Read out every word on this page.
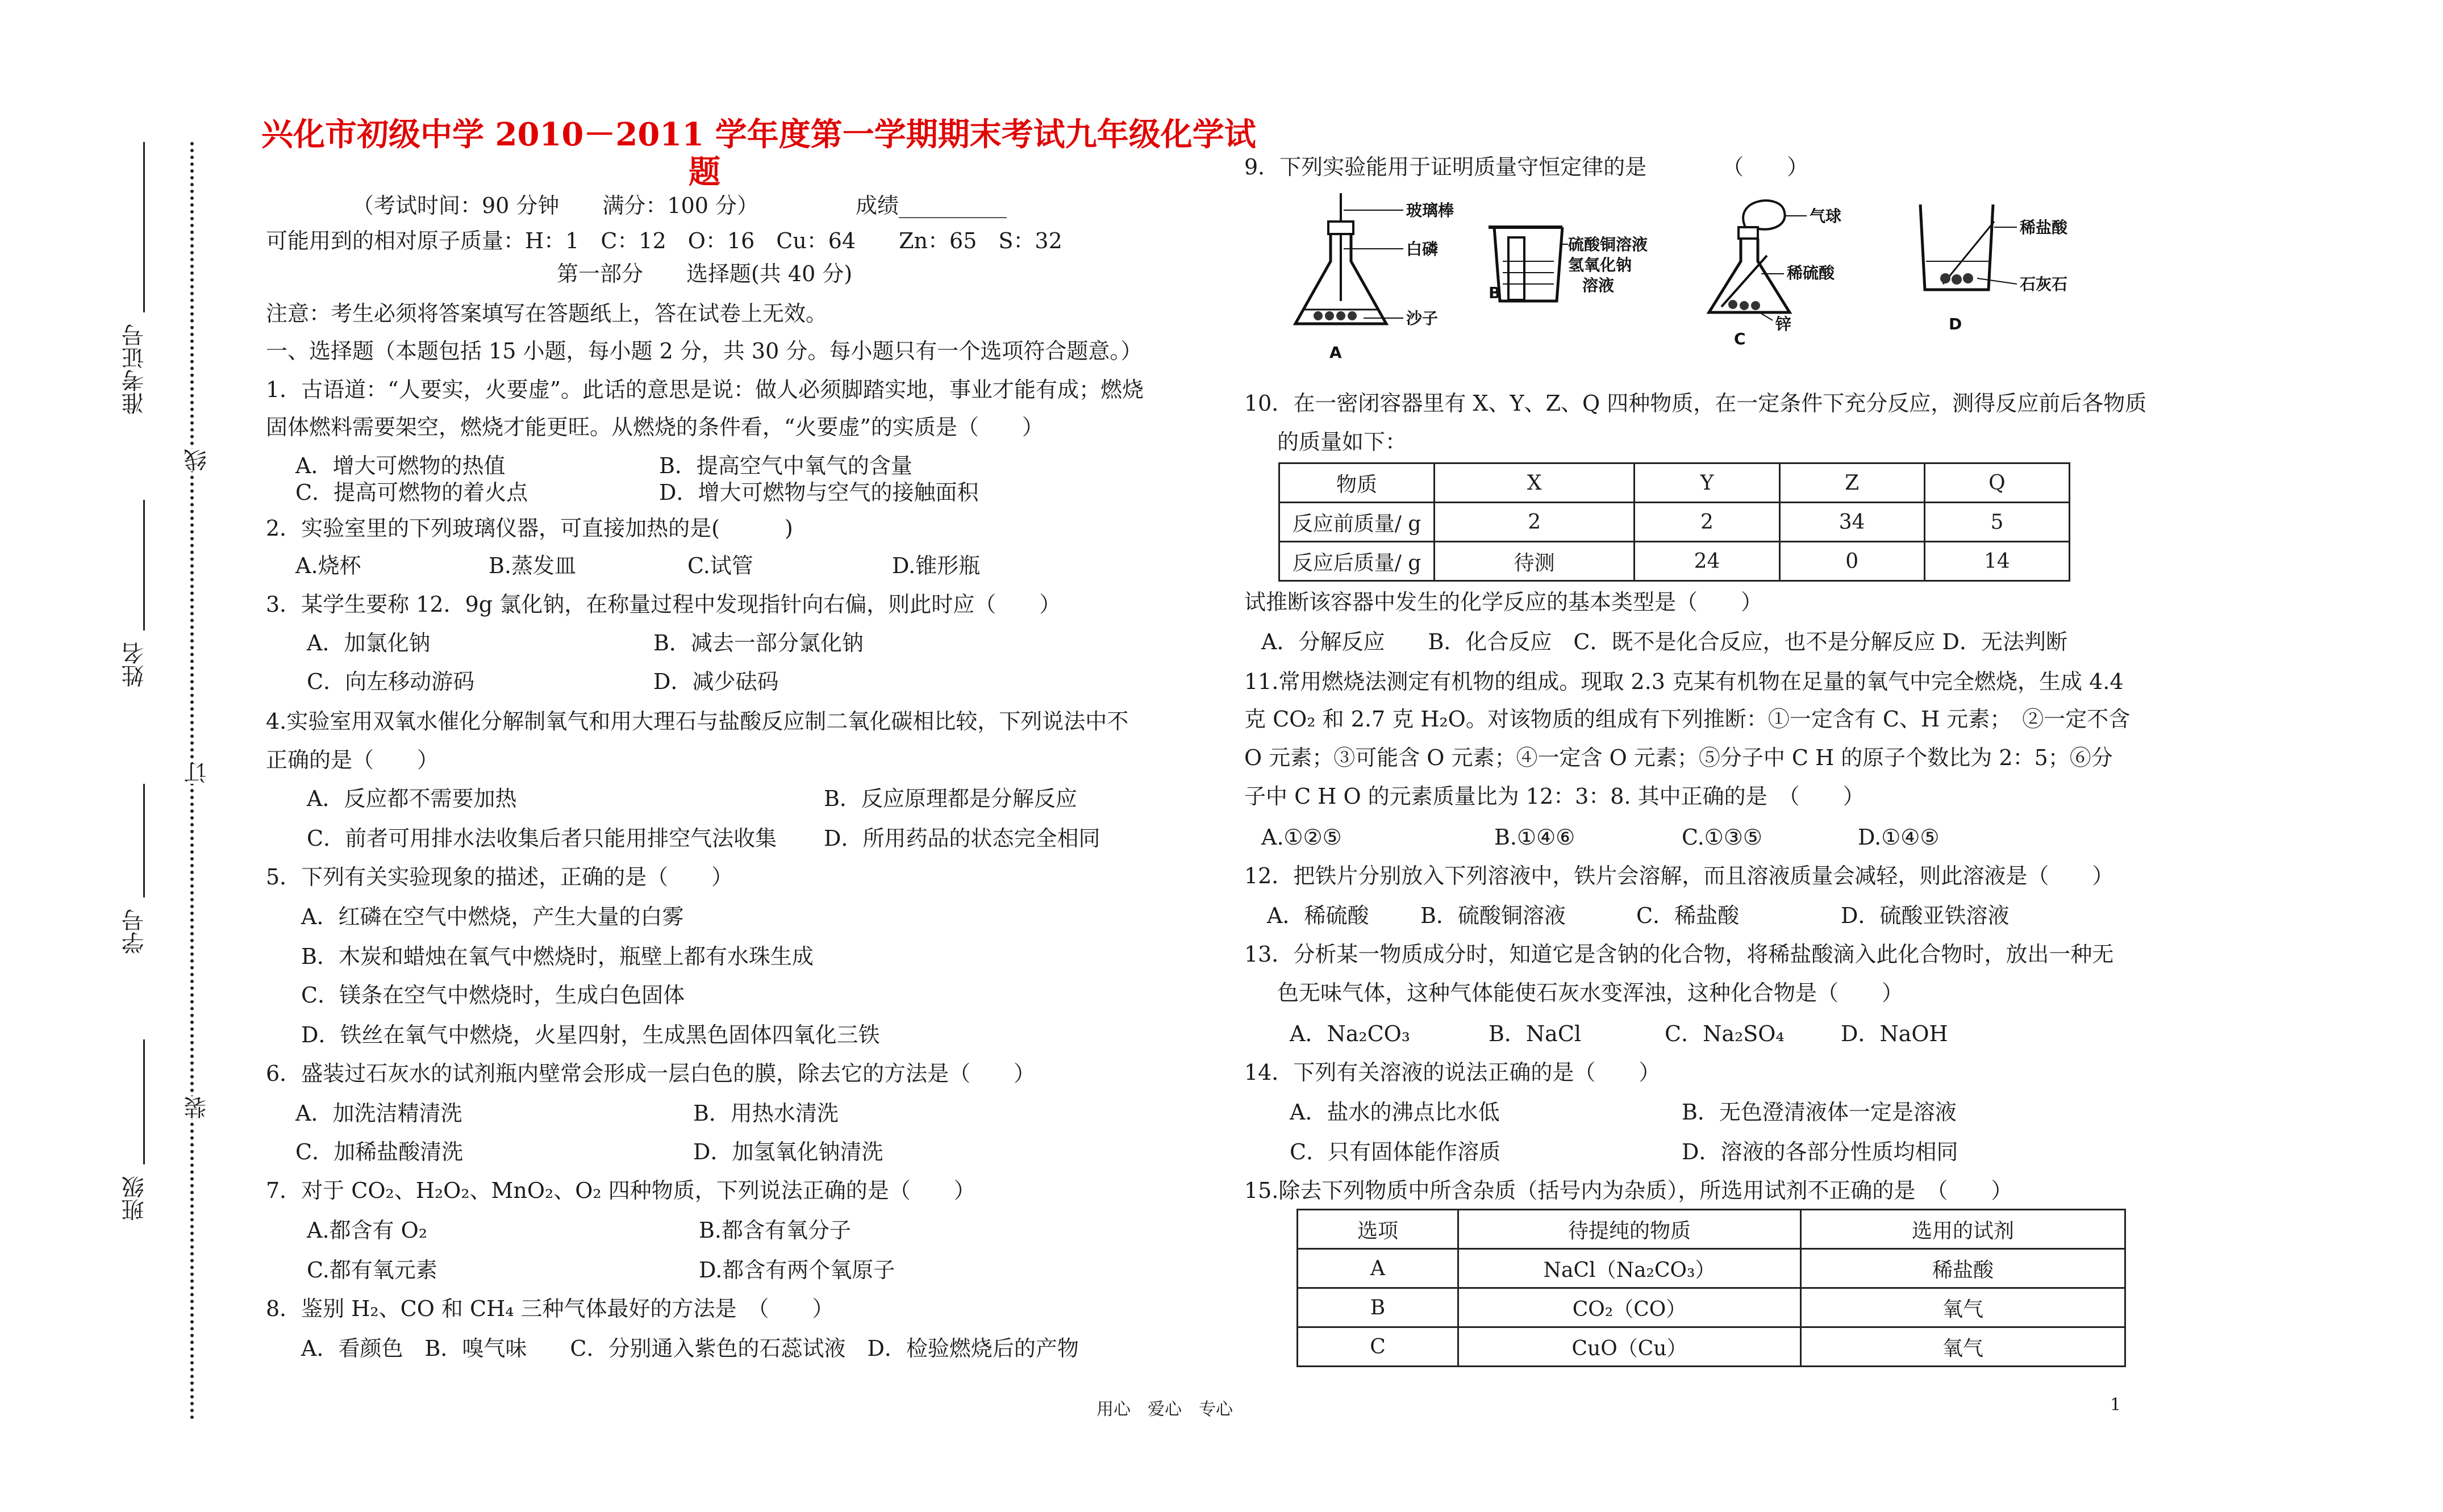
准考证号
姓名
学号
班级
线
订
装
兴化市初级中学 2010－2011 学年度第一学期期末考试九年级化学试
题
（考试时间：90 分钟　　满分：100 分）　　　　　成绩__________
可能用到的相对原子质量：H：1　C：12　O：16　Cu：64　　Zn：65　S：32
第一部分　　选择题(共 40 分)
注意：考生必须将答案填写在答题纸上，答在试卷上无效。
一、选择题（本题包括 15 小题，每小题 2 分，共 30 分。每小题只有一个选项符合题意。）
1．古语道：“人要实，火要虚”。此话的意思是说：做人必须脚踏实地，事业才能有成；燃烧
固体燃料需要架空，燃烧才能更旺。从燃烧的条件看，“火要虚”的实质是（　　）
A．增大可燃物的热值	B．提高空气中氧气的含量
C．提高可燃物的着火点	D．增大可燃物与空气的接触面积
2．实验室里的下列玻璃仪器，可直接加热的是(　　　)
A.烧杯	B.蒸发皿	C.试管	D.锥形瓶
3．某学生要称 12．9g 氯化钠，在称量过程中发现指针向右偏，则此时应（　　）
A．加氯化钠	B．减去一部分氯化钠
C．向左移动游码	D．减少砝码
4.实验室用双氧水催化分解制氧气和用大理石与盐酸反应制二氧化碳相比较，下列说法中不
正确的是（　　）
A．反应都不需要加热	B．反应原理都是分解反应
C．前者可用排水法收集后者只能用排空气法收集 D．所用药品的状态完全相同
5．下列有关实验现象的描述，正确的是（　　）
A．红磷在空气中燃烧，产生大量的白雾
B．木炭和蜡烛在氧气中燃烧时，瓶壁上都有水珠生成
C．镁条在空气中燃烧时，生成白色固体
D．铁丝在氧气中燃烧，火星四射，生成黑色固体四氧化三铁
6．盛装过石灰水的试剂瓶内壁常会形成一层白色的膜，除去它的方法是（　　）
A．加洗洁精清洗	B．用热水清洗
C．加稀盐酸清洗	D．加氢氧化钠清洗
7．对于 CO₂、H₂O₂、MnO₂、O₂ 四种物质，下列说法正确的是（　　）
A.都含有 O₂	B.都含有氧分子
C.都有氧元素	D.都含有两个氧原子
8．鉴别 H₂、CO 和 CH₄ 三种气体最好的方法是　（　　）
A．看颜色　B．嗅气味　　C．分别通入紫色的石蕊试液　D．检验燃烧后的产物
9．下列实验能用于证明质量守恒定律的是　　　　（　　）
玻璃棒
白磷
沙子
A
硫酸铜溶液
氢氧化钠
溶液
B
气球
稀硫酸
锌
C
稀盐酸
石灰石
D
10．在一密闭容器里有 X、Y、Z、Q 四种物质，在一定条件下充分反应，测得反应前后各物质
的质量如下：
物质	X	Y	Z	Q
反应前质量/ g	2	2	34	5
反应后质量/ g	待测	24	0	14
试推断该容器中发生的化学反应的基本类型是（　　）
A．分解反应　　B．化合反应　C．既不是化合反应，也不是分解反应 D．无法判断
11.常用燃烧法测定有机物的组成。现取 2.3 克某有机物在足量的氧气中完全燃烧，生成 4.4
克 CO₂ 和 2.7 克 H₂O。对该物质的组成有下列推断：①一定含有 C、H 元素；　②一定不含
O 元素；③可能含 O 元素；④一定含 O 元素；⑤分子中 C H 的原子个数比为 2：5；⑥分
子中 C H O 的元素质量比为 12：3：8. 其中正确的是　（　　）
A.①②⑤	B.①④⑥	C.①③⑤	D.①④⑤
12．把铁片分别放入下列溶液中，铁片会溶解，而且溶液质量会减轻，则此溶液是（　　）
A．稀硫酸 B．硫酸铜溶液	C．稀盐酸	D．硫酸亚铁溶液
13．分析某一物质成分时，知道它是含钠的化合物，将稀盐酸滴入此化合物时，放出一种无
色无味气体，这种气体能使石灰水变浑浊，这种化合物是（　　）
A．Na₂CO₃	B．NaCl	C．Na₂SO₄	D．NaOH
14．下列有关溶液的说法正确的是（　　）
A．盐水的沸点比水低	B．无色澄清液体一定是溶液
C．只有固体能作溶质	D．溶液的各部分性质均相同
15.除去下列物质中所含杂质（括号内为杂质），所选用试剂不正确的是　（　　）
选项	待提纯的物质	选用的试剂
A	NaCl（Na₂CO₃）	稀盐酸
B	CO₂（CO）	氧气
C	CuO（Cu）	氧气
用心　爱心　专心	1
